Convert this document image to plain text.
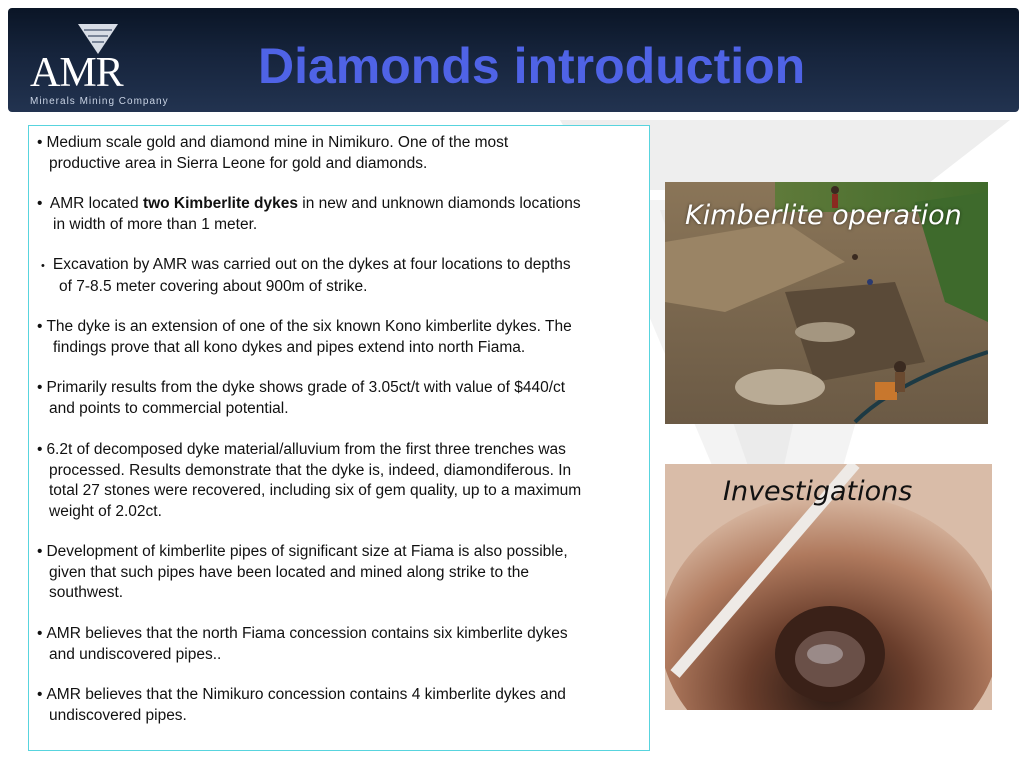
AMR
Minerals Mining Company
Diamonds introduction
• Medium scale gold and diamond mine in Nimikuro. One of the most
productive area in Sierra Leone for gold and diamonds.
• AMR located two Kimberlite dykes in new and unknown diamonds locations
in width of more than 1 meter.
• Excavation by AMR was carried out on the dykes at four locations to depths
of 7-8.5 meter covering about 900m of strike.
• The dyke is an extension of one of the six known Kono kimberlite dykes. The
findings prove that all kono dykes and pipes extend into north Fiama.
• Primarily results from the dyke shows grade of 3.05ct/t with value of $440/ct
and points to commercial potential.
• 6.2t of decomposed dyke material/alluvium from the first three trenches was
processed. Results demonstrate that the dyke is, indeed, diamondiferous. In
total 27 stones were recovered, including six of gem quality, up to a maximum
weight of 2.02ct.
• Development of kimberlite pipes of significant size at Fiama is also possible,
given that such pipes have been located and mined along strike to the
southwest.
• AMR believes that the north Fiama concession contains six kimberlite dykes
and undiscovered pipes..
• AMR believes that the Nimikuro concession contains 4 kimberlite dykes and
undiscovered pipes.
Kimberlite operation
Investigations
